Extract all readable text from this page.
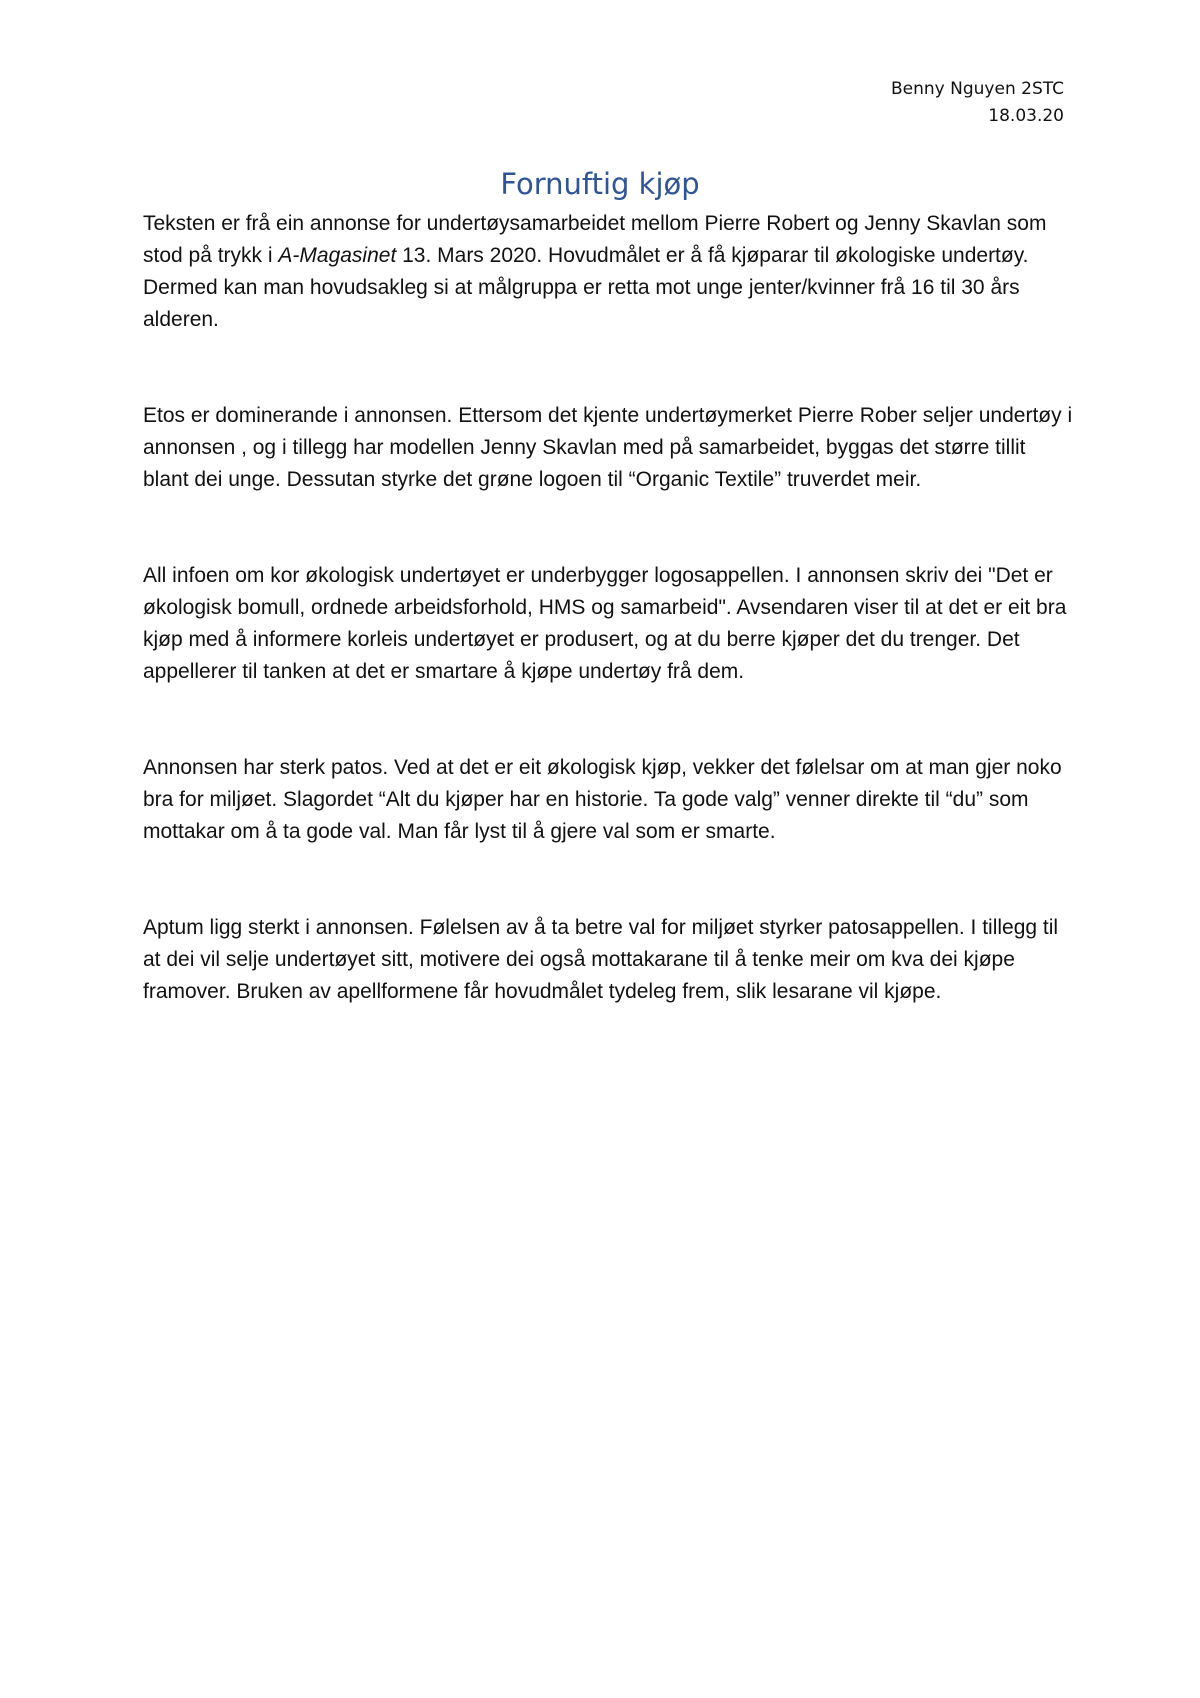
Benny Nguyen 2STC
18.03.20
Fornuftig kjøp

Teksten er frå ein annonse for undertøysamarbeidet mellom Pierre Robert og Jenny Skavlan som stod på trykk i A-Magasinet 13. Mars 2020. Hovudmålet er å få kjøparar til økologiske undertøy. Dermed kan man hovudsakleg si at målgruppa er retta mot unge jenter/kvinner frå 16 til 30 års alderen.

Etos er dominerande i annonsen. Ettersom det kjente undertøymerket Pierre Rober seljer undertøy i annonsen , og i tillegg har modellen Jenny Skavlan med på samarbeidet, byggas det større tillit blant dei unge. Dessutan styrke det grøne logoen til “Organic Textile” truverdet meir.

All infoen om kor økologisk undertøyet er underbygger logosappellen. I annonsen skriv dei "Det er økologisk bomull, ordnede arbeidsforhold, HMS og samarbeid". Avsendaren viser til at det er eit bra kjøp med å informere korleis undertøyet er produsert, og at du berre kjøper det du trenger. Det appellerer til tanken at det er smartare å kjøpe undertøy frå dem.

Annonsen har sterk patos. Ved at det er eit økologisk kjøp, vekker det følelsar om at man gjer noko bra for miljøet. Slagordet “Alt du kjøper har en historie. Ta gode valg” venner direkte til “du” som mottakar om å ta gode val. Man får lyst til å gjere val som er smarte.

Aptum ligg sterkt i annonsen. Følelsen av å ta betre val for miljøet styrker patosappellen. I tillegg til at dei vil selje undertøyet sitt, motivere dei også mottakarane til å tenke meir om kva dei kjøpe framover. Bruken av apellformene får hovudmålet tydeleg frem, slik lesarane vil kjøpe.
